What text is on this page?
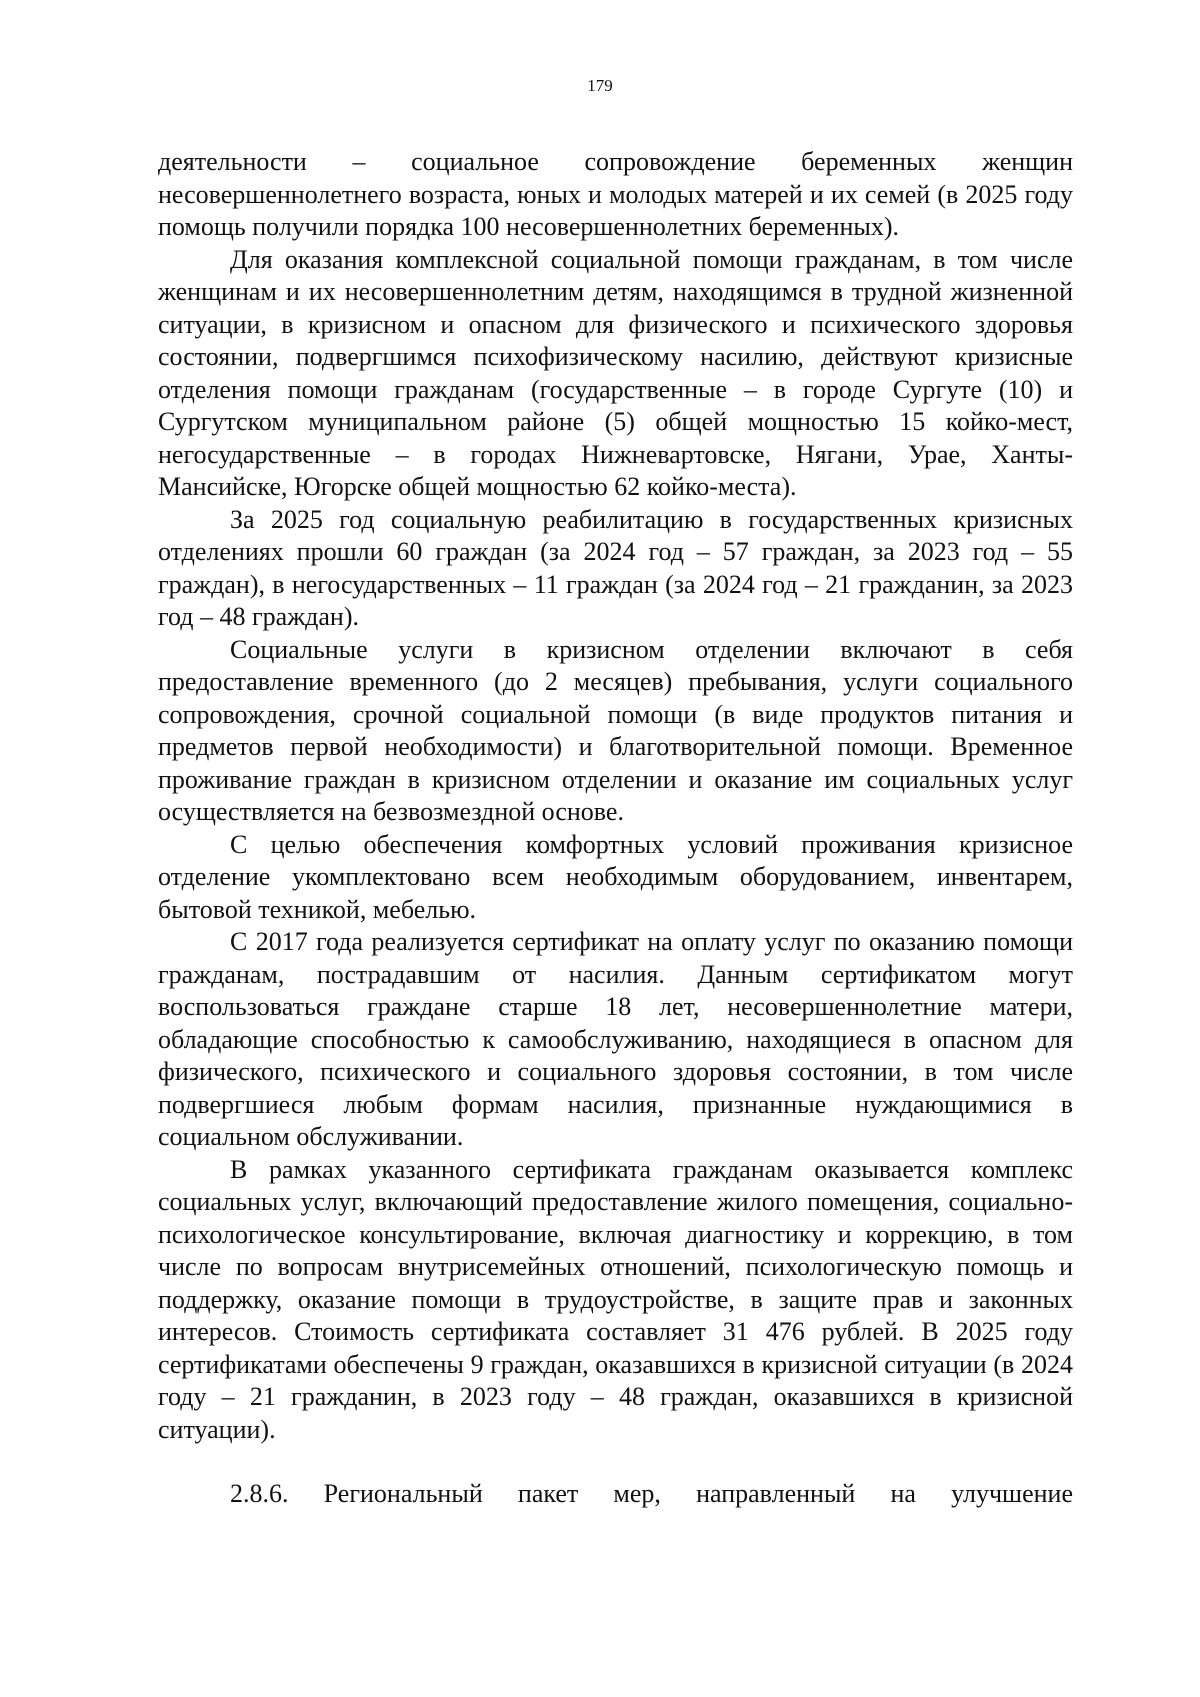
179

деятельности – социальное сопровождение беременных женщин несовершеннолетнего возраста, юных и молодых матерей и их семей (в 2025 году помощь получили порядка 100 несовершеннолетних беременных).

Для оказания комплексной социальной помощи гражданам, в том числе женщинам и их несовершеннолетним детям, находящимся в трудной жизненной ситуации, в кризисном и опасном для физического и психического здоровья состоянии, подвергшимся психофизическому насилию, действуют кризисные отделения помощи гражданам (государственные – в городе Сургуте (10) и Сургутском муниципальном районе (5) общей мощностью 15 койко-мест, негосударственные – в городах Нижневартовске, Нягани, Урае, Ханты-Мансийске, Югорске общей мощностью 62 койко-места).

За 2025 год социальную реабилитацию в государственных кризисных отделениях прошли 60 граждан (за 2024 год – 57 граждан, за 2023 год – 55 граждан), в негосударственных – 11 граждан (за 2024 год – 21 гражданин, за 2023 год – 48 граждан).

Социальные услуги в кризисном отделении включают в себя предоставление временного (до 2 месяцев) пребывания, услуги социального сопровождения, срочной социальной помощи (в виде продуктов питания и предметов первой необходимости) и благотворительной помощи. Временное проживание граждан в кризисном отделении и оказание им социальных услуг осуществляется на безвозмездной основе.

С целью обеспечения комфортных условий проживания кризисное отделение укомплектовано всем необходимым оборудованием, инвентарем, бытовой техникой, мебелью.

С 2017 года реализуется сертификат на оплату услуг по оказанию помощи гражданам, пострадавшим от насилия. Данным сертификатом могут воспользоваться граждане старше 18 лет, несовершеннолетние матери, обладающие способностью к самообслуживанию, находящиеся в опасном для физического, психического и социального здоровья состоянии, в том числе подвергшиеся любым формам насилия, признанные нуждающимися в социальном обслуживании.

В рамках указанного сертификата гражданам оказывается комплекс социальных услуг, включающий предоставление жилого помещения, социально-психологическое консультирование, включая диагностику и коррекцию, в том числе по вопросам внутрисемейных отношений, психологическую помощь и поддержку, оказание помощи в трудоустройстве, в защите прав и законных интересов. Стоимость сертификата составляет 31 476 рублей. В 2025 году сертификатами обеспечены 9 граждан, оказавшихся в кризисной ситуации (в 2024 году – 21 гражданин, в 2023 году – 48 граждан, оказавшихся в кризисной ситуации).

2.8.6. Региональный пакет мер, направленный на улучшение
